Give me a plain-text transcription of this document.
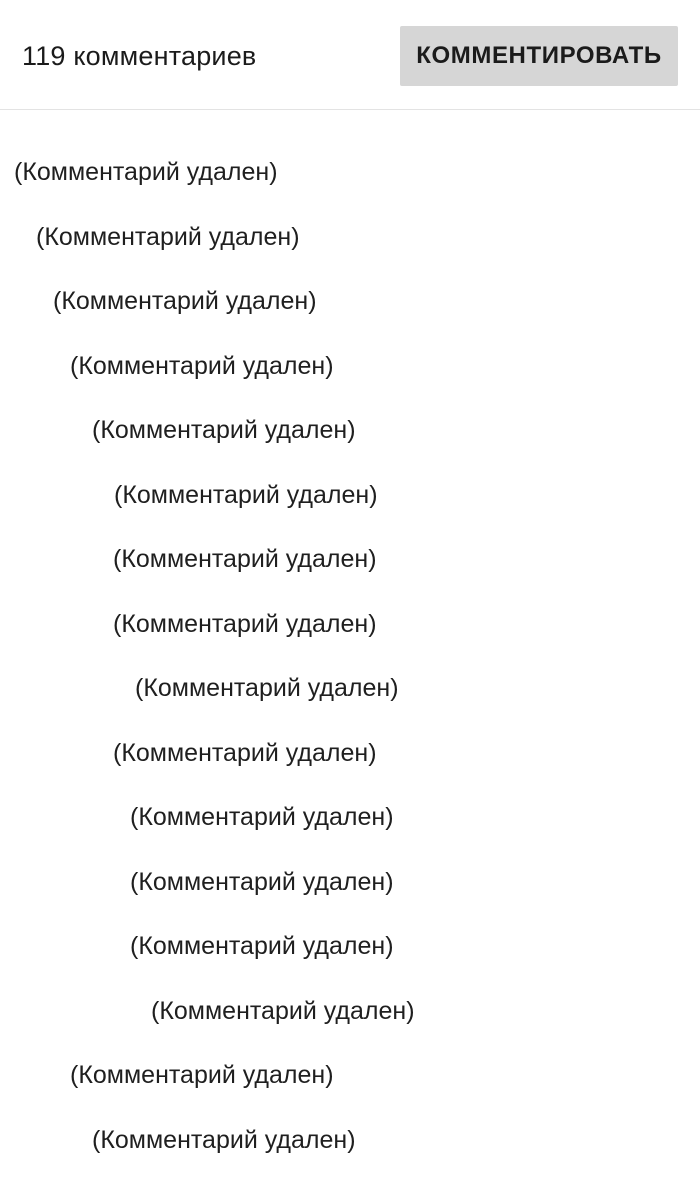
119 комментариев	КОММЕНТИРОВАТЬ
(Комментарий удален)
(Комментарий удален)
(Комментарий удален)
(Комментарий удален)
(Комментарий удален)
(Комментарий удален)
(Комментарий удален)
(Комментарий удален)
(Комментарий удален)
(Комментарий удален)
(Комментарий удален)
(Комментарий удален)
(Комментарий удален)
(Комментарий удален)
(Комментарий удален)
(Комментарий удален)
